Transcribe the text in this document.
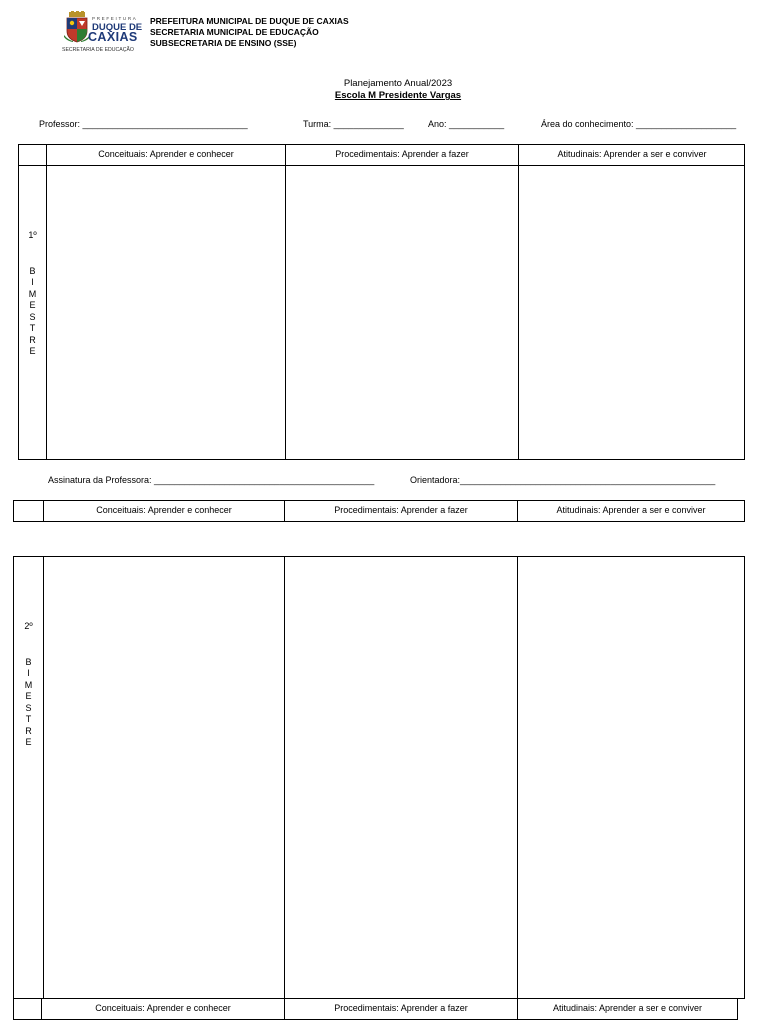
PREFEITURA
DUQUE DE
CAXIAS
SECRETARIA DE EDUCAÇÃO
PREFEITURA MUNICIPAL DE DUQUE DE CAXIAS
SECRETARIA MUNICIPAL DE EDUCAÇÃO
SUBSECRETARIA DE ENSINO (SSE)
Planejamento Anual/2023
Escola M Presidente Vargas
Professor: _________________________________	Turma: ______________	Ano: ___________	Área do conhecimento: ____________________
Conceituais: Aprender e conhecer	Procedimentais: Aprender a fazer	Atitudinais: Aprender a ser e conviver
1º
B
I
M
E
S
T
R
E
Assinatura da Professora: ____________________________________________	Orientadora:___________________________________________________
Conceituais: Aprender e conhecer	Procedimentais: Aprender a fazer	Atitudinais: Aprender a ser e conviver
2º
B
I
M
E
S
T
R
E
Conceituais: Aprender e conhecer	Procedimentais: Aprender a fazer	Atitudinais: Aprender a ser e conviver
